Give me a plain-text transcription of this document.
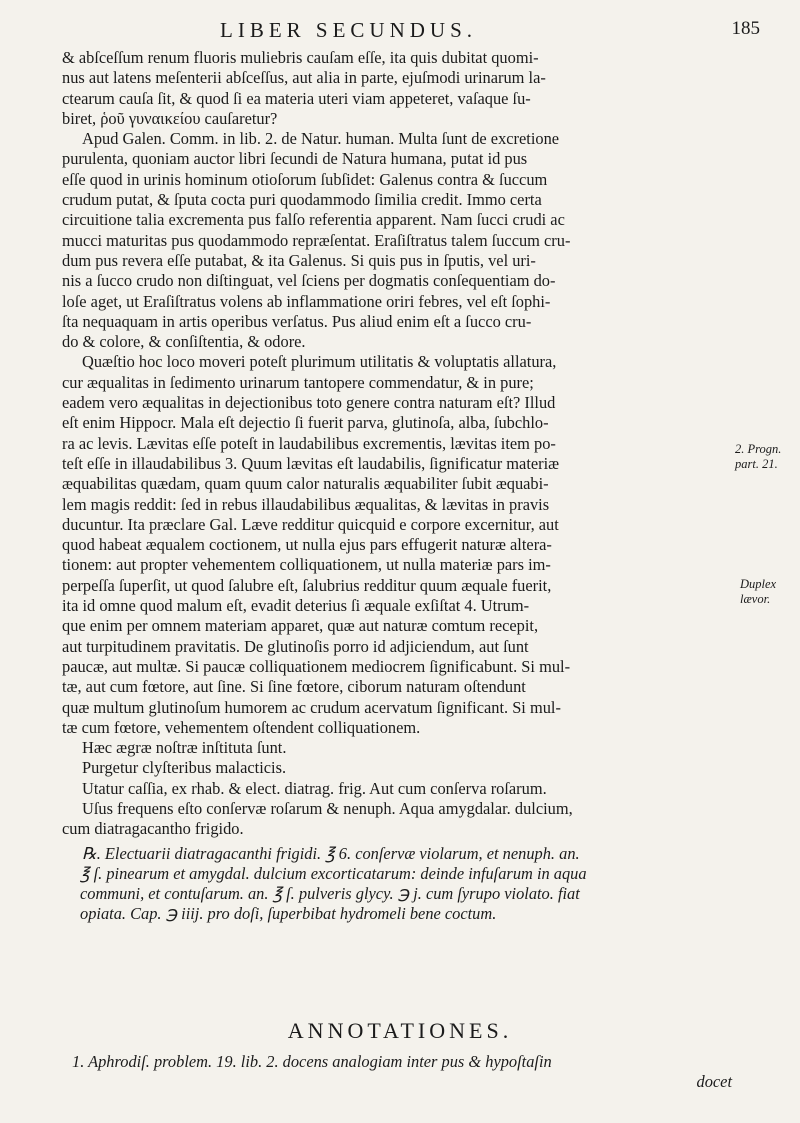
LIBER SECUNDUS.	185

& abſceſſum renum fluoris muliebris cauſam eſſe, ita quis dubitat quomi-
nus aut latens meſenterii abſceſſus, aut alia in parte, ejuſmodi urinarum la-
ctearum cauſa ſit, & quod ſi ea materia uteri viam appeteret, vaſaque ſu-
biret, ῥοῦ γυναικείου cauſaretur?

Apud Galen. Comm. in lib. 2. de Natur. human. Multa ſunt de excretione
purulenta, quoniam auctor libri ſecundi de Natura humana, putat id pus
eſſe quod in urinis hominum otioſorum ſubſidet: Galenus contra & ſuccum
crudum putat, & ſputa cocta puri quodammodo ſimilia credit. Immo certa
circuitione talia excrementa pus falſo referentia apparent. Nam ſucci crudi ac
mucci maturitas pus quodammodo repræſentat. Eraſiſtratus talem ſuccum cru-
dum pus revera eſſe putabat, & ita Galenus. Si quis pus in ſputis, vel uri-
nis a ſucco crudo non diſtinguat, vel ſciens per dogmatis conſequentiam do-
loſe aget, ut Eraſiſtratus volens ab inflammatione oriri febres, vel eſt ſophi-
ſta nequaquam in artis operibus verſatus. Pus aliud enim eſt a ſucco cru-
do & colore, & conſiſtentia, & odore.

Quæſtio hoc loco moveri poteſt plurimum utilitatis & voluptatis allatura,
cur æqualitas in ſedimento urinarum tantopere commendatur, & in pure;
eadem vero æqualitas in dejectionibus toto genere contra naturam eſt? Illud
eſt enim Hippocr. Mala eſt dejectio ſi fuerit parva, glutinoſa, alba, ſubchlo-
ra ac levis. Lævitas eſſe poteſt in laudabilibus excrementis, lævitas item po-
teſt eſſe in illaudabilibus 3. Quum lævitas eſt laudabilis, ſignificatur materiæ
æquabilitas quædam, quam quum calor naturalis æquabiliter ſubit æquabi-
lem magis reddit: ſed in rebus illaudabilibus æqualitas, & lævitas in pravis
ducuntur. Ita præclare Gal. Læve redditur quicquid e corpore excernitur, aut
quod habeat æqualem coctionem, ut nulla ejus pars effugerit naturæ altera-
tionem: aut propter vehementem colliquationem, ut nulla materiæ pars im-
perpeſſa ſuperſit, ut quod ſalubre eſt, ſalubrius redditur quum æquale fuerit,
ita id omne quod malum eſt, evadit deterius ſi æquale exſiſtat 4. Utrum-
que enim per omnem materiam apparet, quæ aut naturæ comtum recepit,
aut turpitudinem pravitatis. De glutinoſis porro id adjiciendum, aut ſunt
paucæ, aut multæ. Si paucæ colliquationem mediocrem ſignificabunt. Si mul-
tæ, aut cum fœtore, aut ſine. Si ſine fœtore, ciborum naturam oſtendunt
quæ multum glutinoſum humorem ac crudum acervatum ſignificant. Si mul-
tæ cum fœtore, vehementem oſtendent colliquationem.

Hæc ægræ noſtræ inſtituta ſunt.

Purgetur clyſteribus malacticis.

Utatur caſſia, ex rhab. & elect. diatrag. frig. Aut cum conſerva roſarum.

Uſus frequens eſto conſervæ roſarum & nenuph. Aqua amygdalar. dulcium,
cum diatragacantho frigido.

℞. Electuarii diatragacanthi frigidi. ℥ 6. conſervæ violarum, et nenuph. an.
℥ ſ. pinearum et amygdal. dulcium excorticatarum: deinde infuſarum in aqua
communi, et contuſarum. an. ℥ ſ. pulveris glycy. ℈ j. cum ſyrupo violato. fiat
opiata. Cap. ℈ iiij. pro doſi, ſuperbibat hydromeli bene coctum.

ANNOTATIONES.
1. Aphrodiſ. problem. 19. lib. 2. docens analogiam inter pus & hypoſtaſin
docet
2. Progn.
part. 21.
Duplex
lævor.
